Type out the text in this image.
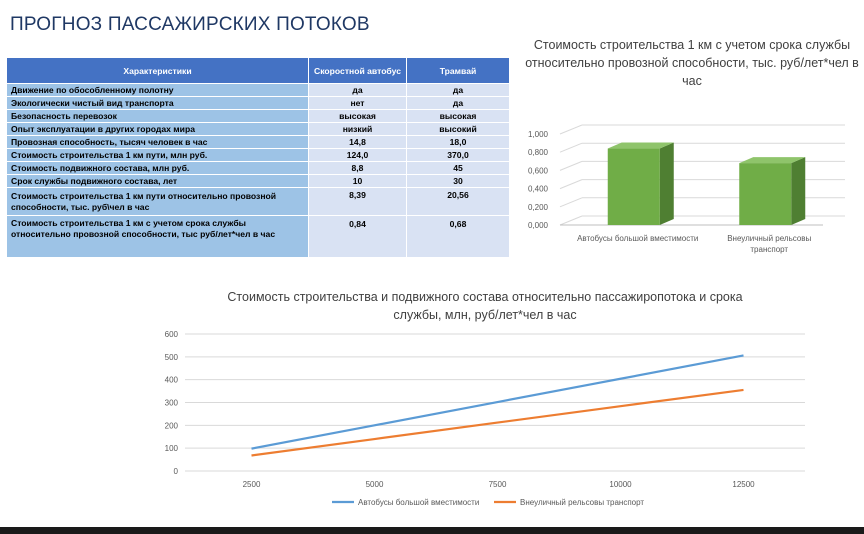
ПРОГНОЗ ПАССАЖИРСКИХ ПОТОКОВ
Характеристики	Скоростной автобус	Трамвай
Движение по обособленному полотну	да	да
Экологически чистый вид транспорта	нет	да
Безопасность перевозок	высокая	высокая
Опыт эксплуатации в других городах мира	низкий	высокий
Провозная способность, тысяч человек в час	14,8	18,0
Стоимость строительства 1 км пути, млн руб.	124,0	370,0
Стоимость подвижного состава, млн руб.	8,8	45
Срок службы подвижного состава, лет	10	30
Стоимость строительства 1 км пути относительно провозной способности, тыс. руб\чел в час	8,39	20,56
Стоимость строительства 1 км с учетом срока службы относительно провозной способности, тыс руб/лет*чел в час	0,84	0,68
Стоимость строительства 1 км с учетом срока службы относительно провозной способности, тыс. руб/лет*чел в час
0,000
0,200
0,400
0,600
0,800
1,000
Автобусы большой вместимости	Внеуличный рельсовы транспорт
Стоимость строительства и подвижного состава относительно пассажиропотока и срока службы, млн, руб/лет*чел в час
0
100
200
300
400
500
600
2500	5000	7500	10000	12500
Автобусы большой вместимости	Внеуличный рельсовы транспорт
